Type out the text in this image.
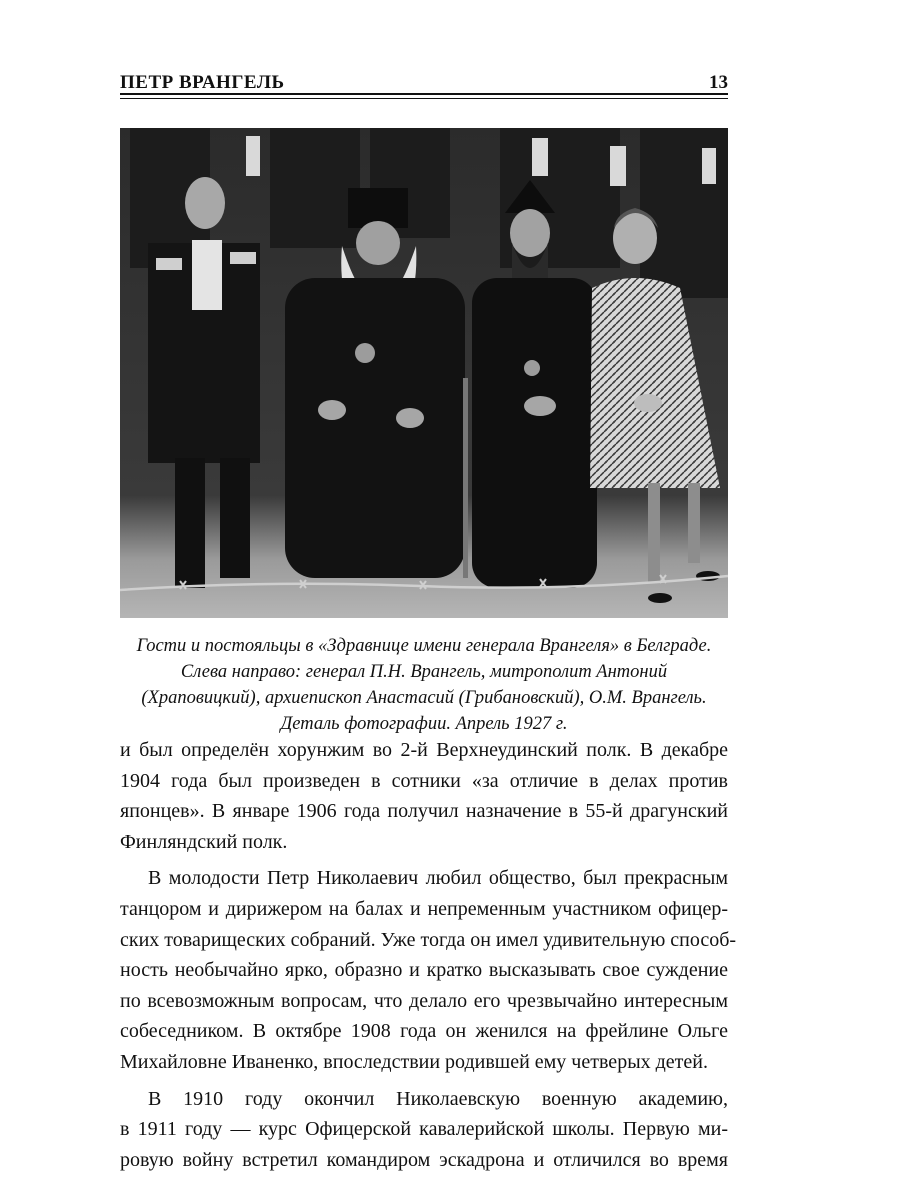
ПЕТР ВРАНГЕЛЬ	13
Гости и постояльцы в «Здравнице имени генерала Врангеля» в Белграде.
Слева направо: генерал П.Н. Врангель, митрополит Антоний
(Храповицкий), архиепископ Анастасий (Грибановский), О.М. Врангель.
Деталь фотографии. Апрель 1927 г.
и был определён хорунжим во 2-й Верхнеудинский полк. В декабре
1904 года был произведен в сотники «за отличие в делах против
японцев». В январе 1906 года получил назначение в 55-й драгунский
Финляндский полк.
В молодости Петр Николаевич любил общество, был прекрасным
танцором и дирижером на балах и непременным участником офицер-
ских товарищеских собраний. Уже тогда он имел удивительную способ-
ность необычайно ярко, образно и кратко высказывать свое суждение
по всевозможным вопросам, что делало его чрезвычайно интересным
собеседником. В октябре 1908 года он женился на фрейлине Ольге
Михайловне Иваненко, впоследствии родившей ему четверых детей.
В 1910 году окончил Николаевскую военную академию,
в 1911 году — курс Офицерской кавалерийской школы. Первую ми-
ровую войну встретил командиром эскадрона и отличился во время
